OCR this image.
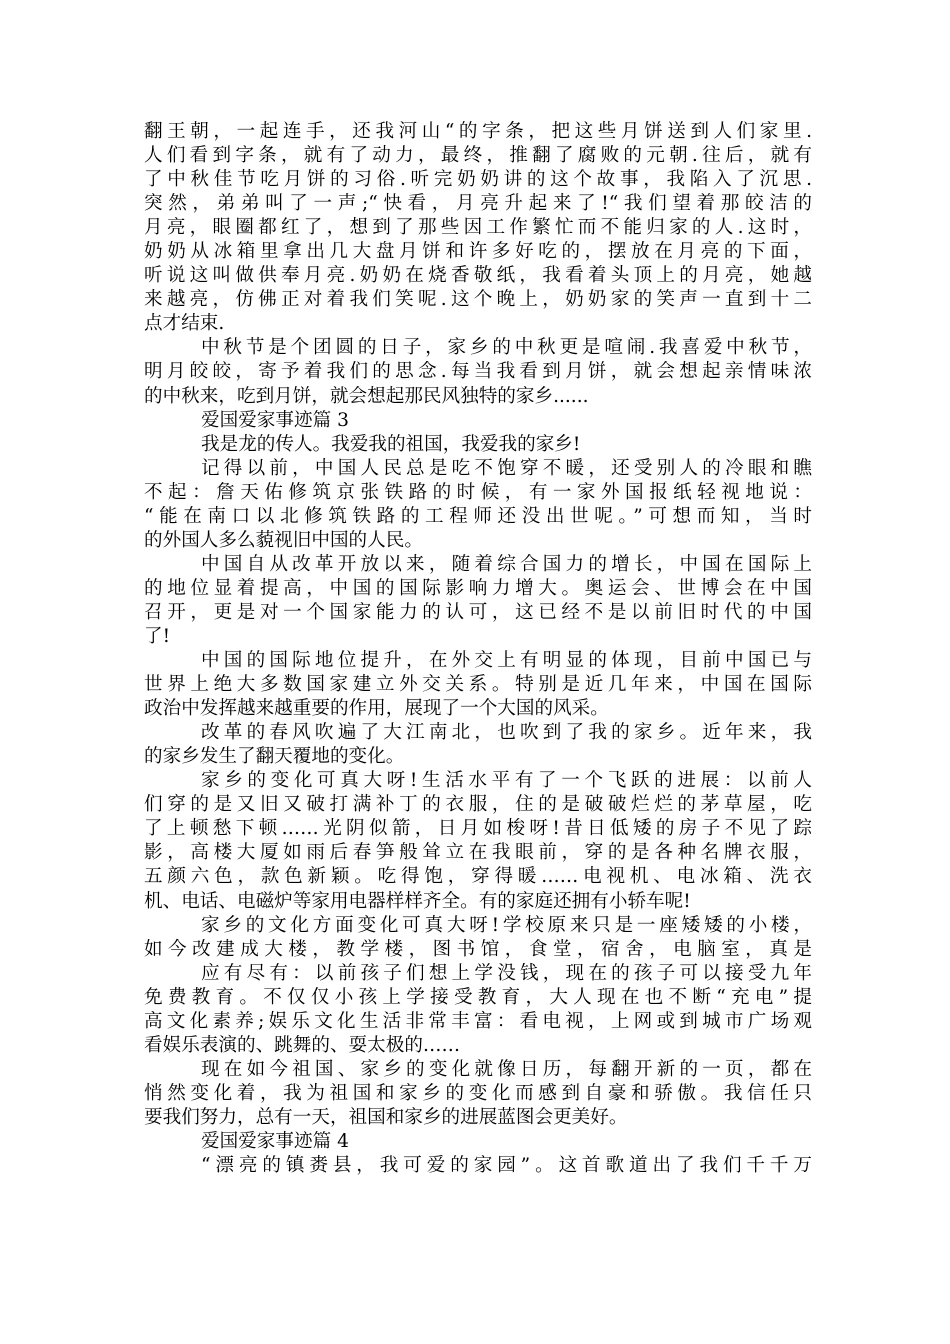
翻王朝，一起连手，还我河山“的字条，把这些月饼送到人们家里.
人们看到字条，就有了动力，最终，推翻了腐败的元朝.往后，就有
了中秋佳节吃月饼的习俗.听完奶奶讲的这个故事，我陷入了沉思.
突然，弟弟叫了一声;“快看，月亮升起来了!“我们望着那皎洁的
月亮，眼圈都红了，想到了那些因工作繁忙而不能归家的人.这时，
奶奶从冰箱里拿出几大盘月饼和许多好吃的，摆放在月亮的下面，
听说这叫做供奉月亮.奶奶在烧香敬纸，我看着头顶上的月亮，她越
来越亮，仿佛正对着我们笑呢.这个晚上，奶奶家的笑声一直到十二
点才结束.
中秋节是个团圆的日子，家乡的中秋更是喧闹.我喜爱中秋节，
明月皎皎，寄予着我们的思念.每当我看到月饼，就会想起亲情味浓
的中秋来，吃到月饼，就会想起那民风独特的家乡......
爱国爱家事迹篇 3
我是龙的传人。我爱我的祖国，我爱我的家乡!
记得以前，中国人民总是吃不饱穿不暖，还受别人的冷眼和瞧
不起：詹天佑修筑京张铁路的时候，有一家外国报纸轻视地说：
“能在南口以北修筑铁路的工程师还没出世呢。”可想而知，当时
的外国人多么藐视旧中国的人民。
中国自从改革开放以来，随着综合国力的增长，中国在国际上
的地位显着提高，中国的国际影响力增大。奥运会、世博会在中国
召开，更是对一个国家能力的认可，这已经不是以前旧时代的中国
了!
中国的国际地位提升，在外交上有明显的体现，目前中国已与
世界上绝大多数国家建立外交关系。特别是近几年来，中国在国际
政治中发挥越来越重要的作用，展现了一个大国的风采。
改革的春风吹遍了大江南北，也吹到了我的家乡。近年来，我
的家乡发生了翻天覆地的变化。
家乡的变化可真大呀!生活水平有了一个飞跃的进展：以前人
们穿的是又旧又破打满补丁的衣服，住的是破破烂烂的茅草屋，吃
了上顿愁下顿……光阴似箭，日月如梭呀!昔日低矮的房子不见了踪
影，高楼大厦如雨后春笋般耸立在我眼前，穿的是各种名牌衣服，
五颜六色，款色新颖。吃得饱，穿得暖……电视机、电冰箱、洗衣
机、电话、电磁炉等家用电器样样齐全。有的家庭还拥有小轿车呢!
家乡的文化方面变化可真大呀!学校原来只是一座矮矮的小楼，
如今改建成大楼，教学楼，图书馆，食堂，宿舍，电脑室，真是
应有尽有：以前孩子们想上学没钱，现在的孩子可以接受九年
免费教育。不仅仅小孩上学接受教育，大人现在也不断“充电”提
高文化素养;娱乐文化生活非常丰富：看电视，上网或到城市广场观
看娱乐表演的、跳舞的、耍太极的……
现在如今祖国、家乡的变化就像日历，每翻开新的一页，都在
悄然变化着，我为祖国和家乡的变化而感到自豪和骄傲。我信任只
要我们努力，总有一天，祖国和家乡的进展蓝图会更美好。
爱国爱家事迹篇 4
“漂亮的镇赉县，我可爱的家园”。这首歌道出了我们千千万
